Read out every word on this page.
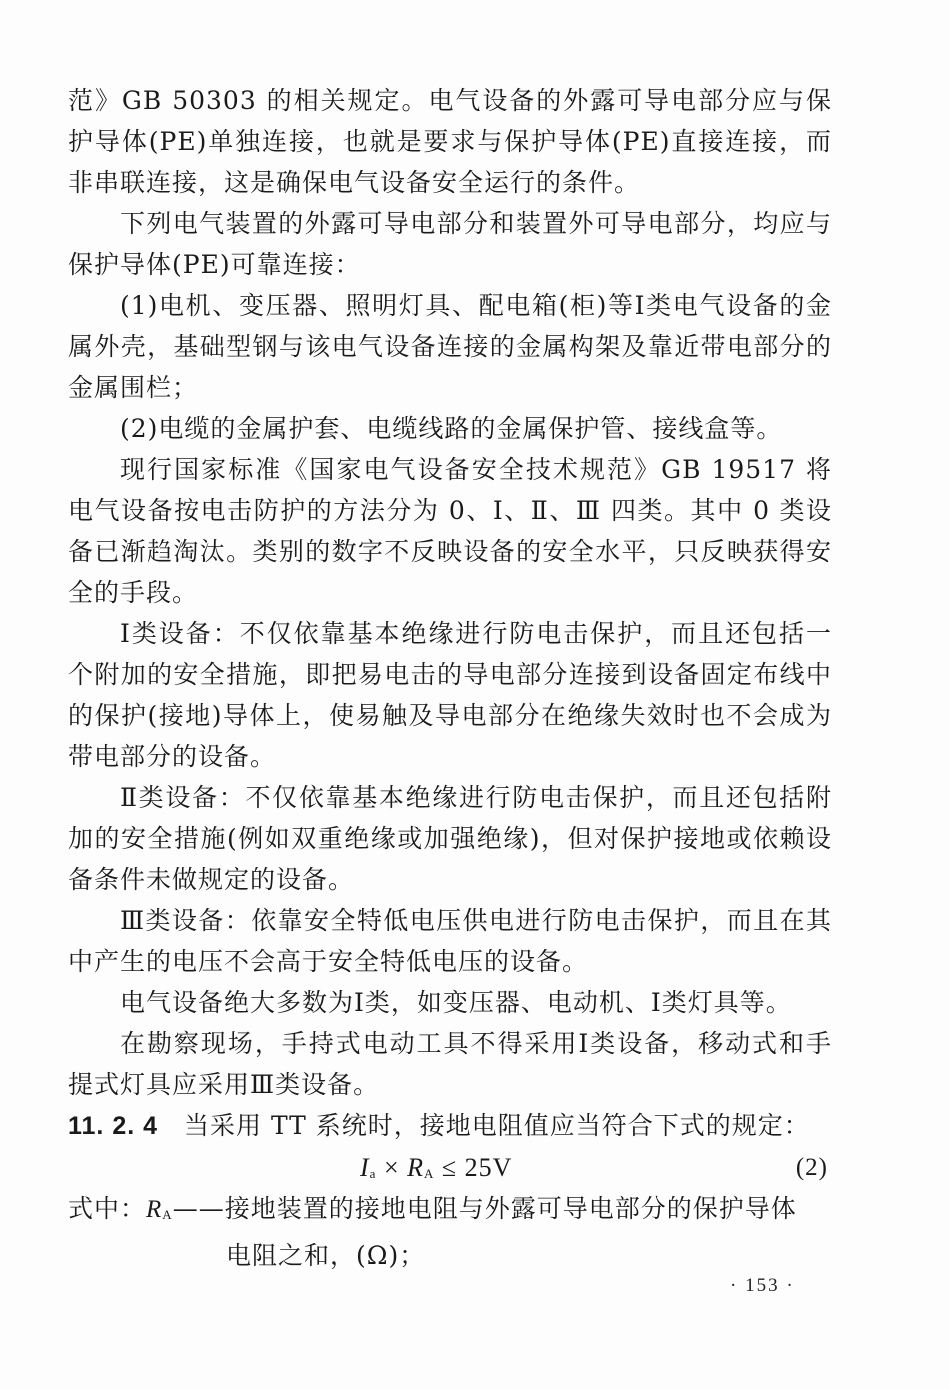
范》GB 50303 的相关规定。电气设备的外露可导电部分应与保护导体(PE)单独连接，也就是要求与保护导体(PE)直接连接，而非串联连接，这是确保电气设备安全运行的条件。

下列电气装置的外露可导电部分和装置外可导电部分，均应与保护导体(PE)可靠连接：

(1)电机、变压器、照明灯具、配电箱(柜)等Ⅰ类电气设备的金属外壳，基础型钢与该电气设备连接的金属构架及靠近带电部分的金属围栏；

(2)电缆的金属护套、电缆线路的金属保护管、接线盒等。

现行国家标准《国家电气设备安全技术规范》GB 19517 将电气设备按电击防护的方法分为 0、Ⅰ、Ⅱ、Ⅲ 四类。其中 0 类设备已渐趋淘汰。类别的数字不反映设备的安全水平，只反映获得安全的手段。

Ⅰ类设备：不仅依靠基本绝缘进行防电击保护，而且还包括一个附加的安全措施，即把易电击的导电部分连接到设备固定布线中的保护(接地)导体上，使易触及导电部分在绝缘失效时也不会成为带电部分的设备。

Ⅱ类设备：不仅依靠基本绝缘进行防电击保护，而且还包括附加的安全措施(例如双重绝缘或加强绝缘)，但对保护接地或依赖设备条件未做规定的设备。

Ⅲ类设备：依靠安全特低电压供电进行防电击保护，而且在其中产生的电压不会高于安全特低电压的设备。

电气设备绝大多数为Ⅰ类，如变压器、电动机、Ⅰ类灯具等。

在勘察现场，手持式电动工具不得采用Ⅰ类设备，移动式和手提式灯具应采用Ⅲ类设备。

11. 2. 4 当采用 TT 系统时，接地电阻值应当符合下式的规定：

$I_a \times R_A \le 25V$	(2)

式中：$R_A——$接地装置的接地电阻与外露可导电部分的保护导体

电阻之和，(Ω)；

· 153 ·
